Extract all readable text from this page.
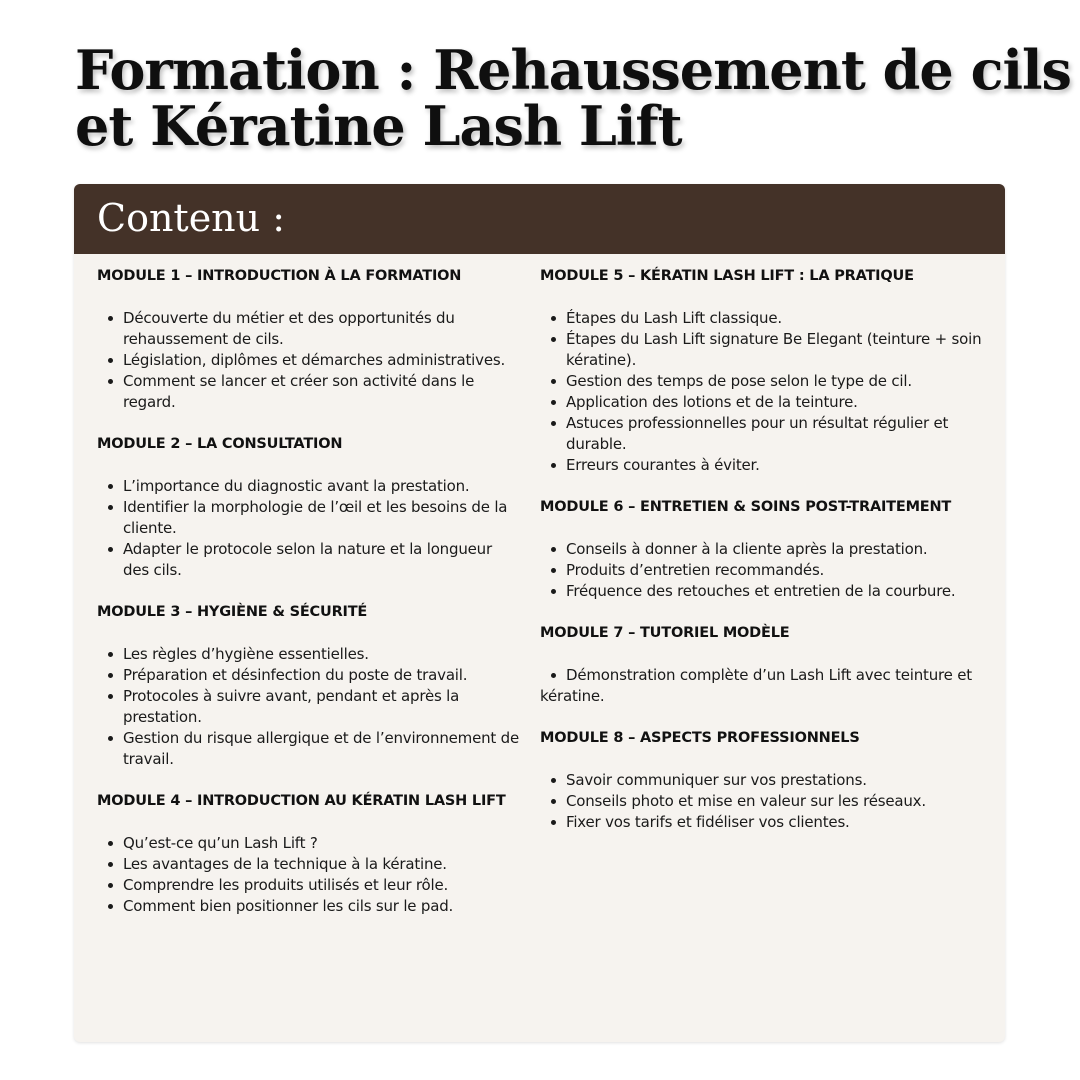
Formation : Rehaussement de cils
et Kératine Lash Lift
Contenu :
MODULE 1 – INTRODUCTION À LA FORMATION
Découverte du métier et des opportunités du rehaussement de cils.
Législation, diplômes et démarches administratives.
Comment se lancer et créer son activité dans le regard.
MODULE 2 – LA CONSULTATION
L’importance du diagnostic avant la prestation.
Identifier la morphologie de l’œil et les besoins de la cliente.
Adapter le protocole selon la nature et la longueur des cils.
MODULE 3 – HYGIÈNE & SÉCURITÉ
Les règles d’hygiène essentielles.
Préparation et désinfection du poste de travail.
Protocoles à suivre avant, pendant et après la prestation.
Gestion du risque allergique et de l’environnement de travail.
MODULE 4 – INTRODUCTION AU KÉRATIN LASH LIFT
Qu’est-ce qu’un Lash Lift ?
Les avantages de la technique à la kératine.
Comprendre les produits utilisés et leur rôle.
Comment bien positionner les cils sur le pad.
MODULE 5 – KÉRATIN LASH LIFT : LA PRATIQUE
Étapes du Lash Lift classique.
Étapes du Lash Lift signature Be Elegant (teinture + soin kératine).
Gestion des temps de pose selon le type de cil.
Application des lotions et de la teinture.
Astuces professionnelles pour un résultat régulier et durable.
Erreurs courantes à éviter.
MODULE 6 – ENTRETIEN & SOINS POST-TRAITEMENT
Conseils à donner à la cliente après la prestation.
Produits d’entretien recommandés.
Fréquence des retouches et entretien de la courbure.
MODULE 7 – TUTORIEL MODÈLE
Démonstration complète d’un Lash Lift avec teinture et kératine.
MODULE 8 – ASPECTS PROFESSIONNELS
Savoir communiquer sur vos prestations.
Conseils photo et mise en valeur sur les réseaux.
Fixer vos tarifs et fidéliser vos clientes.
